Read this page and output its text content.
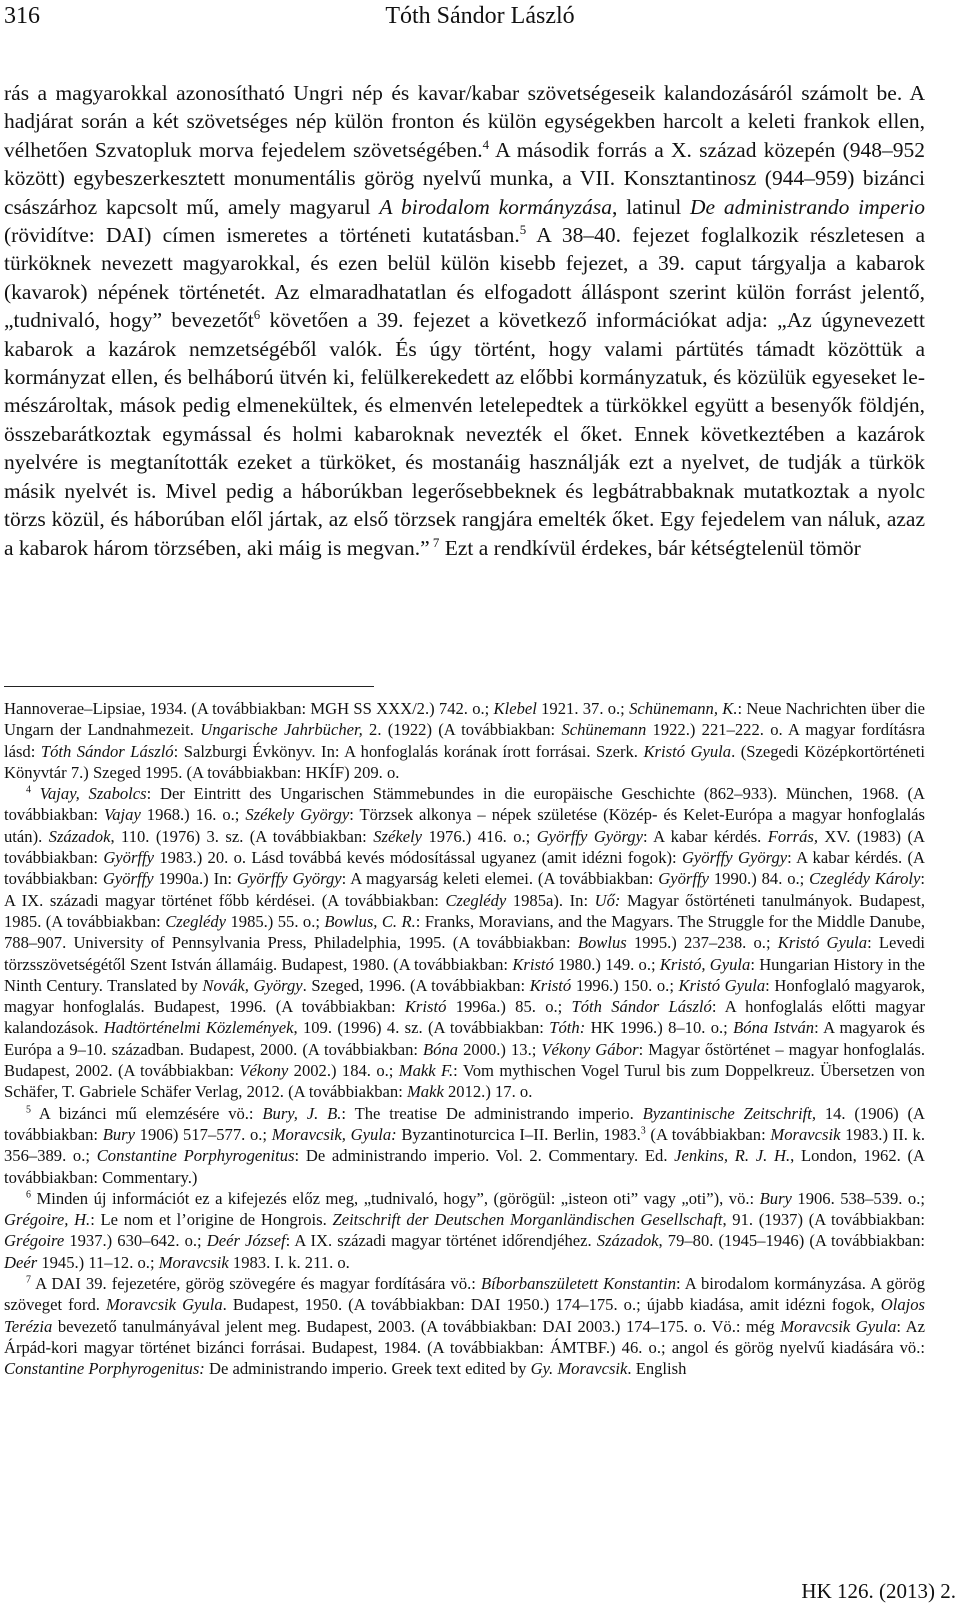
316	Tóth Sándor László
rás a magyarokkal azonosítható Ungri nép és kavar/kabar szövetségeseik kalandozásáról számolt be. A hadjárat során a két szövetséges nép külön fronton és külön egységekben harcolt a keleti frankok ellen, vélhetően Szvatopluk morva fejedelem szövetségében.$^4$ A második forrás a X. század közepén (948–952 között) egybeszerkesztett monumentális görög nyelvű munka, a VII. Konsztantinosz (944–959) bizánci császárhoz kapcsolt mű, amely magyarul A birodalom kormányzása, latinul De administrando imperio (rövidítve: DAI) címen ismeretes a történeti kutatásban.$^5$ A 38–40. fejezet foglalkozik részletesen a türköknek nevezett magyarokkal, és ezen belül külön kisebb fejezet, a 39. caput tárgyalja a kabarok (kavarok) népének történetét. Az elmaradhatatlan és elfogadott álláspont szerint külön forrást jelentő, „tudnivaló, hogy” bevezetőt$^6$ követően a 39. fejezet a következő információkat adja: „Az úgynevezett kabarok a kazárok nemzetségéből valók. És úgy történt, hogy valami pártütés támadt közöttük a kormányzat ellen, és belháború ütvén ki, felülkerekedett az előbbi kormányzatuk, és közülük egyeseket lemészároltak, mások pedig elmenekültek, és elmenvén letelepedtek a türkökkel együtt a besenyők földjén, összebarátkoztak egymással és holmi kabaroknak nevezték el őket. Ennek következtében a kazárok nyelvére is megtanították ezeket a türköket, és mostanáig használják ezt a nyelvet, de tudják a türkök másik nyelvét is. Mivel pedig a háborúkban legerősebbeknek és legbátrabbaknak mutatkoztak a nyolc törzs közül, és háborúban elől jártak, az első törzsek rangjára emelték őket. Egy fejedelem van náluk, azaz a kabarok három törzsében, aki máig is megvan.” $^7$ Ezt a rendkívül érdekes, bár kétségtelenül tömör

Hannoverae–Lipsiae, 1934. (A továbbiakban: MGH SS XXX/2.) 742. o.; Klebel 1921. 37. o.; Schünemann, K.: Neue Nachrichten über die Ungarn der Landnahmezeit. Ungarische Jahrbücher, 2. (1922) (A továbbiakban: Schünemann 1922.) 221–222. o. A magyar fordításra lásd: Tóth Sándor László: Salzburgi Évkönyv. In: A honfoglalás korának írott forrásai. Szerk. Kristó Gyula. (Szegedi Középkortörténeti Könyvtár 7.) Szeged 1995. (A továbbiakban: HKÍF) 209. o.

$^4$ Vajay, Szabolcs: Der Eintritt des Ungarischen Stämmebundes in die europäische Geschichte (862–933). München, 1968. (A továbbiakban: Vajay 1968.) 16. o.; Székely György: Törzsek alkonya – népek születése (Közép- és Kelet-Európa a magyar honfoglalás után). Századok, 110. (1976) 3. sz. (A továbbiakban: Székely 1976.) 416. o.; Györffy György: A kabar kérdés. Forrás, XV. (1983) (A továbbiakban: Györffy 1983.) 20. o. Lásd továbbá kevés módosítással ugyanez (amit idézni fogok): Györffy György: A kabar kérdés. (A továbbiakban: Györffy 1990a.) In: Györffy György: A magyarság keleti elemei. (A továbbiakban: Györffy 1990.) 84. o.; Czeglédy Károly: A IX. századi magyar történet főbb kérdései. (A továbbiakban: Czeglédy 1985a). In: Uő: Magyar őstörténeti tanulmányok. Budapest, 1985. (A továbbiakban: Czeglédy 1985.) 55. o.; Bowlus, C. R.: Franks, Moravians, and the Magyars. The Struggle for the Middle Danube, 788–907. University of Pennsylvania Press, Philadelphia, 1995. (A továbbiakban: Bowlus 1995.) 237–238. o.; Kristó Gyula: Levedi törzsszövetségétől Szent István államáig. Budapest, 1980. (A továbbiakban: Kristó 1980.) 149. o.; Kristó, Gyula: Hungarian History in the Ninth Century. Translated by Novák, György. Szeged, 1996. (A továbbiakban: Kristó 1996.) 150. o.; Kristó Gyula: Honfoglaló magyarok, magyar honfoglalás. Budapest, 1996. (A továbbiakban: Kristó 1996a.) 85. o.; Tóth Sándor László: A honfoglalás előtti magyar kalandozások. Hadtörténelmi Közlemények, 109. (1996) 4. sz. (A továbbiakban: Tóth: HK 1996.) 8–10. o.; Bóna István: A magyarok és Európa a 9–10. században. Budapest, 2000. (A továbbiakban: Bóna 2000.) 13.; Vékony Gábor: Magyar őstörténet – magyar honfoglalás. Budapest, 2002. (A továbbiakban: Vékony 2002.) 184. o.; Makk F.: Vom mythischen Vogel Turul bis zum Doppelkreuz. Übersetzen von Schäfer, T. Gabriele Schäfer Verlag, 2012. (A továbbiakban: Makk 2012.) 17. o.

$^5$ A bizánci mű elemzésére vö.: Bury, J. B.: The treatise De administrando imperio. Byzantinische Zeitschrift, 14. (1906) (A továbbiakban: Bury 1906) 517–577. o.; Moravcsik, Gyula: Byzantinoturcica I–II. Berlin, 1983.$^3$ (A továbbiakban: Moravcsik 1983.) II. k. 356–389. o.; Constantine Porphyrogenitus: De administrando imperio. Vol. 2. Commentary. Ed. Jenkins, R. J. H., London, 1962. (A továbbiakban: Commentary.)

$^6$ Minden új információt ez a kifejezés előz meg, „tudnivaló, hogy”, (görögül: „isteon oti” vagy „oti”), vö.: Bury 1906. 538–539. o.; Grégoire, H.: Le nom et l’origine de Hongrois. Zeitschrift der Deutschen Morganländischen Gesellschaft, 91. (1937) (A továbbiakban: Grégoire 1937.) 630–642. o.; Deér József: A IX. századi magyar történet időrendjéhez. Századok, 79–80. (1945–1946) (A továbbiakban: Deér 1945.) 11–12. o.; Moravcsik 1983. I. k. 211. o.

$^7$ A DAI 39. fejezetére, görög szövegére és magyar fordítására vö.: Bíborbanszületett Konstantin: A birodalom kormányzása. A görög szöveget ford. Moravcsik Gyula. Budapest, 1950. (A továbbiakban: DAI 1950.) 174–175. o.; újabb kiadása, amit idézni fogok, Olajos Terézia bevezető tanulmányával jelent meg. Budapest, 2003. (A továbbiakban: DAI 2003.) 174–175. o. Vö.: még Moravcsik Gyula: Az Árpád-kori magyar történet bizánci forrásai. Budapest, 1984. (A továbbiakban: ÁMTBF.) 46. o.; angol és görög nyelvű kiadására vö.: Constantine Porphyrogenitus: De administrando imperio. Greek text edited by Gy. Moravcsik. English

HK 126. (2013) 2.
